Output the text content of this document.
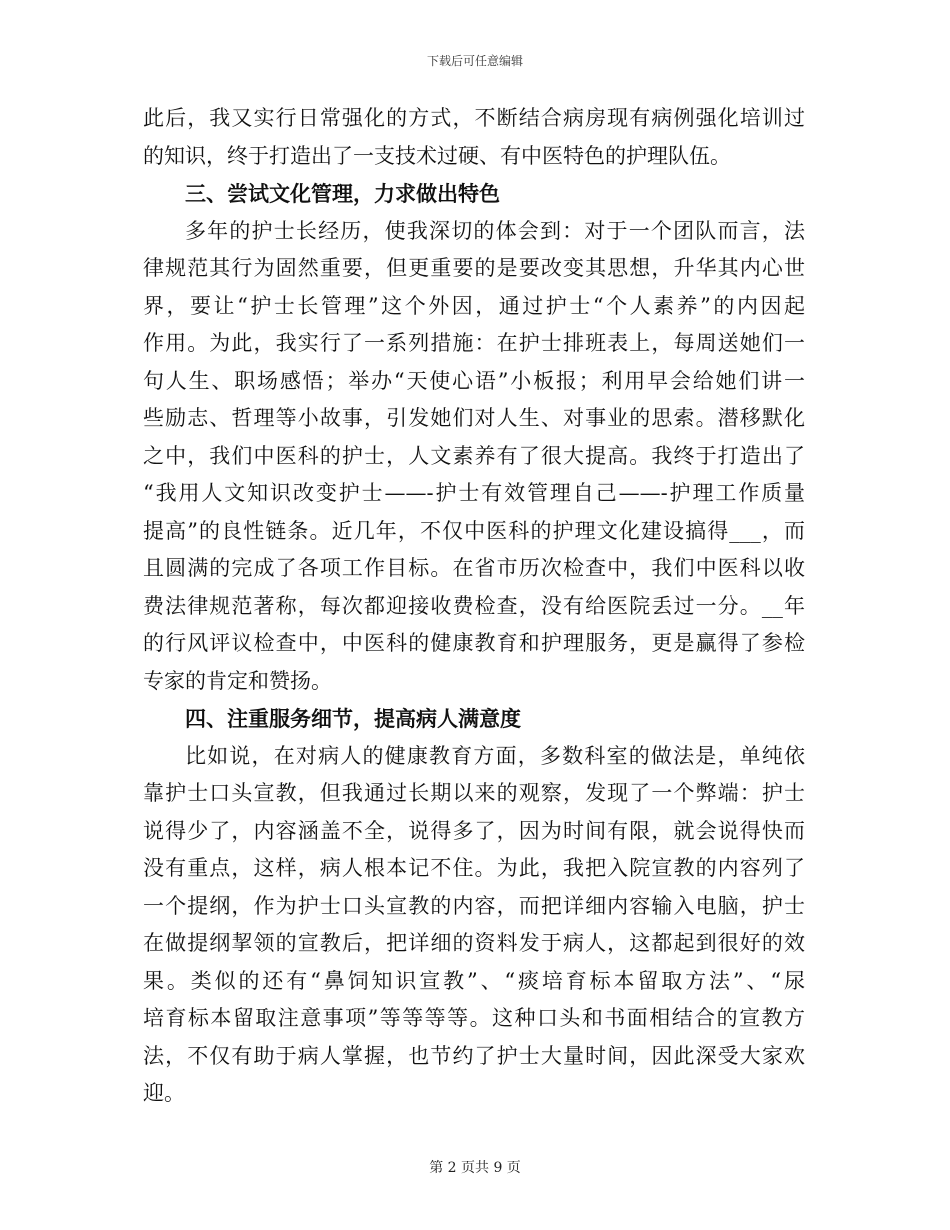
下载后可任意编辑
此后，我又实行日常强化的方式，不断结合病房现有病例强化培训过
的知识，终于打造出了一支技术过硬、有中医特色的护理队伍。
三、尝试文化管理，力求做出特色
多年的护士长经历，使我深切的体会到：对于一个团队而言，法
律规范其行为固然重要，但更重要的是要改变其思想，升华其内心世
界，要让“护士长管理”这个外因，通过护士“个人素养”的内因起
作用。为此，我实行了一系列措施：在护士排班表上，每周送她们一
句人生、职场感悟；举办“天使心语”小板报；利用早会给她们讲一
些励志、哲理等小故事，引发她们对人生、对事业的思索。潜移默化
之中，我们中医科的护士，人文素养有了很大提高。我终于打造出了
“我用人文知识改变护士——-护士有效管理自己——-护理工作质量
提高”的良性链条。近几年，不仅中医科的护理文化建设搞得___，而
且圆满的完成了各项工作目标。在省市历次检查中，我们中医科以收
费法律规范著称，每次都迎接收费检查，没有给医院丢过一分。__年
的行风评议检查中，中医科的健康教育和护理服务，更是赢得了参检
专家的肯定和赞扬。
四、注重服务细节，提高病人满意度
比如说，在对病人的健康教育方面，多数科室的做法是，单纯依
靠护士口头宣教，但我通过长期以来的观察，发现了一个弊端：护士
说得少了，内容涵盖不全，说得多了，因为时间有限，就会说得快而
没有重点，这样，病人根本记不住。为此，我把入院宣教的内容列了
一个提纲，作为护士口头宣教的内容，而把详细内容输入电脑，护士
在做提纲挈领的宣教后，把详细的资料发于病人，这都起到很好的效
果。类似的还有“鼻饲知识宣教”、“痰培育标本留取方法”、“尿
培育标本留取注意事项”等等等等。这种口头和书面相结合的宣教方
法，不仅有助于病人掌握，也节约了护士大量时间，因此深受大家欢
迎。
第 2 页共 9 页
